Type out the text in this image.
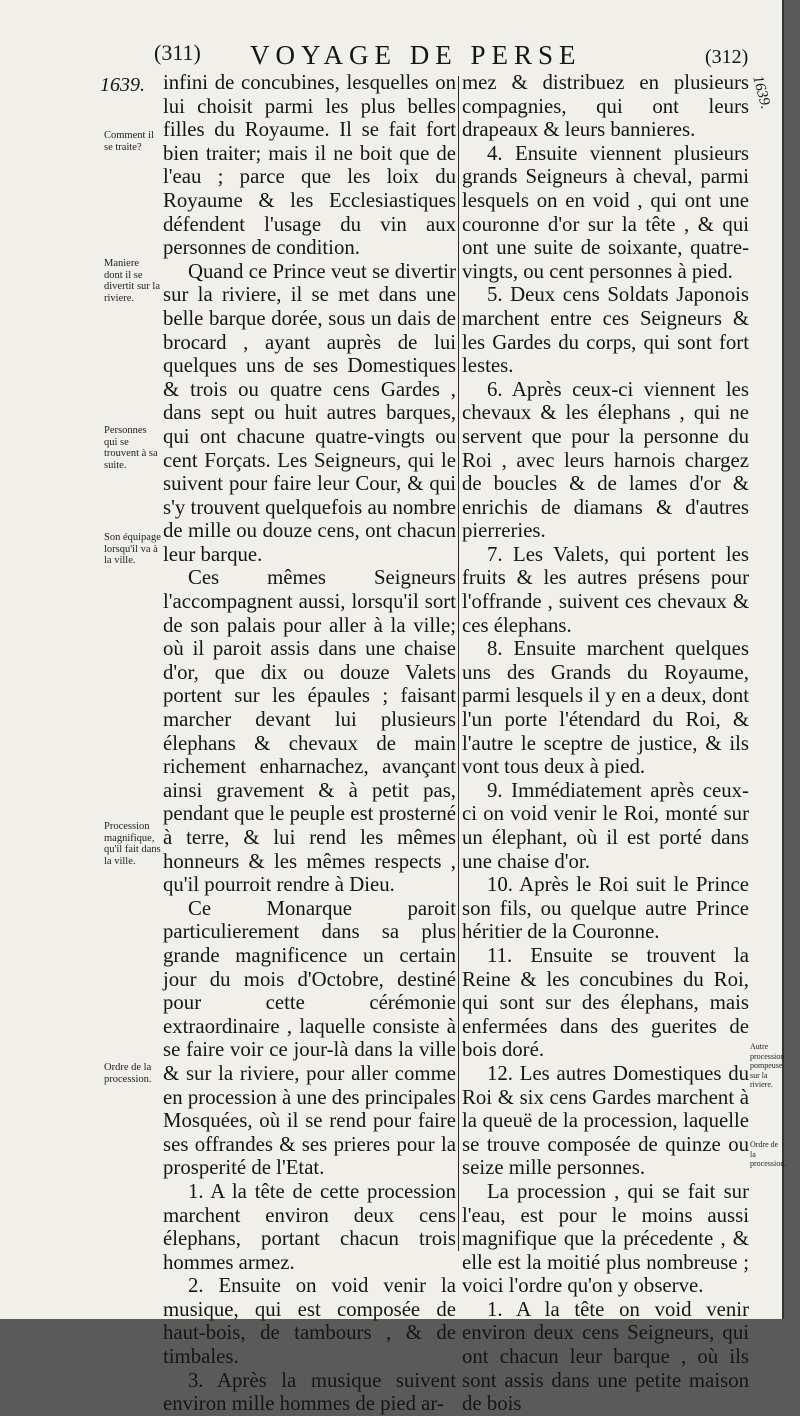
(311) VOYAGE DE PERSE	(312)
1639.	1639.
Comment il se traite?
Maniere dont il se divertit sur la riviere.
Personnes qui se trouvent à sa suite.
Son équipage lorsqu'il va à la ville.
Procession magnifique, qu'il fait dans la ville.
Ordre de la procession.
Autre procession pompeuse sur la riviere.
Ordre de la procession.

infini de concubines, lesquelles on lui choisit parmi les plus belles filles du Royaume. Il se fait fort bien traiter; mais il ne boit que de l'eau ; parce que les loix du Royaume & les Ecclesiastiques défendent l'usage du vin aux personnes de condition.

Quand ce Prince veut se divertir sur la riviere, il se met dans une belle barque dorée, sous un dais de brocard , ayant auprès de lui quelques uns de ses Domestiques & trois ou quatre cens Gardes , dans sept ou huit autres barques, qui ont chacune quatre-vingts ou cent Forçats. Les Seigneurs, qui le suivent pour faire leur Cour, & qui s'y trouvent quelquefois au nombre de mille ou douze cens, ont chacun leur barque.

Ces mêmes Seigneurs l'accompagnent aussi, lorsqu'il sort de son palais pour aller à la ville; où il paroit assis dans une chaise d'or, que dix ou douze Valets portent sur les épaules ; faisant marcher devant lui plusieurs élephans & chevaux de main richement enharnachez, avançant ainsi gravement & à petit pas, pendant que le peuple est prosterné à terre, & lui rend les mêmes honneurs & les mêmes respects , qu'il pourroit rendre à Dieu.

Ce Monarque paroit particulierement dans sa plus grande magnificence un certain jour du mois d'Octobre, destiné pour cette cérémonie extraordinaire , laquelle consiste à se faire voir ce jour-là dans la ville & sur la riviere, pour aller comme en procession à une des principales Mosquées, où il se rend pour faire ses offrandes & ses prieres pour la prosperité de l'Etat.

1. A la tête de cette procession marchent environ deux cens élephans, portant chacun trois hommes armez.

2. Ensuite on void venir la musique, qui est composée de haut-bois, de tambours , & de timbales.

3. Après la musique suivent environ mille hommes de pied ar-

mez & distribuez en plusieurs compagnies, qui ont leurs drapeaux & leurs bannieres.

4. Ensuite viennent plusieurs grands Seigneurs à cheval, parmi lesquels on en void , qui ont une couronne d'or sur la tête , & qui ont une suite de soixante, quatre-vingts, ou cent personnes à pied.

5. Deux cens Soldats Japonois marchent entre ces Seigneurs & les Gardes du corps, qui sont fort lestes.

6. Après ceux-ci viennent les chevaux & les élephans , qui ne servent que pour la personne du Roi , avec leurs harnois chargez de boucles & de lames d'or & enrichis de diamans & d'autres pierreries.

7. Les Valets, qui portent les fruits & les autres présens pour l'offrande , suivent ces chevaux & ces élephans.

8. Ensuite marchent quelques uns des Grands du Royaume, parmi lesquels il y en a deux, dont l'un porte l'étendard du Roi, & l'autre le sceptre de justice, & ils vont tous deux à pied.

9. Immédiatement après ceux-ci on void venir le Roi, monté sur un élephant, où il est porté dans une chaise d'or.

10. Après le Roi suit le Prince son fils, ou quelque autre Prince héritier de la Couronne.

11. Ensuite se trouvent la Reine & les concubines du Roi, qui sont sur des élephans, mais enfermées dans des guerites de bois doré.

12. Les autres Domestiques du Roi & six cens Gardes marchent à la queuë de la procession, laquelle se trouve composée de quinze ou seize mille personnes.

La procession , qui se fait sur l'eau, est pour le moins aussi magnifique que la précedente , & elle est la moitié plus nombreuse ; voici l'ordre qu'on y observe.

1. A la tête on void venir environ deux cens Seigneurs, qui ont chacun leur barque , où ils sont assis dans une petite maison de bois
